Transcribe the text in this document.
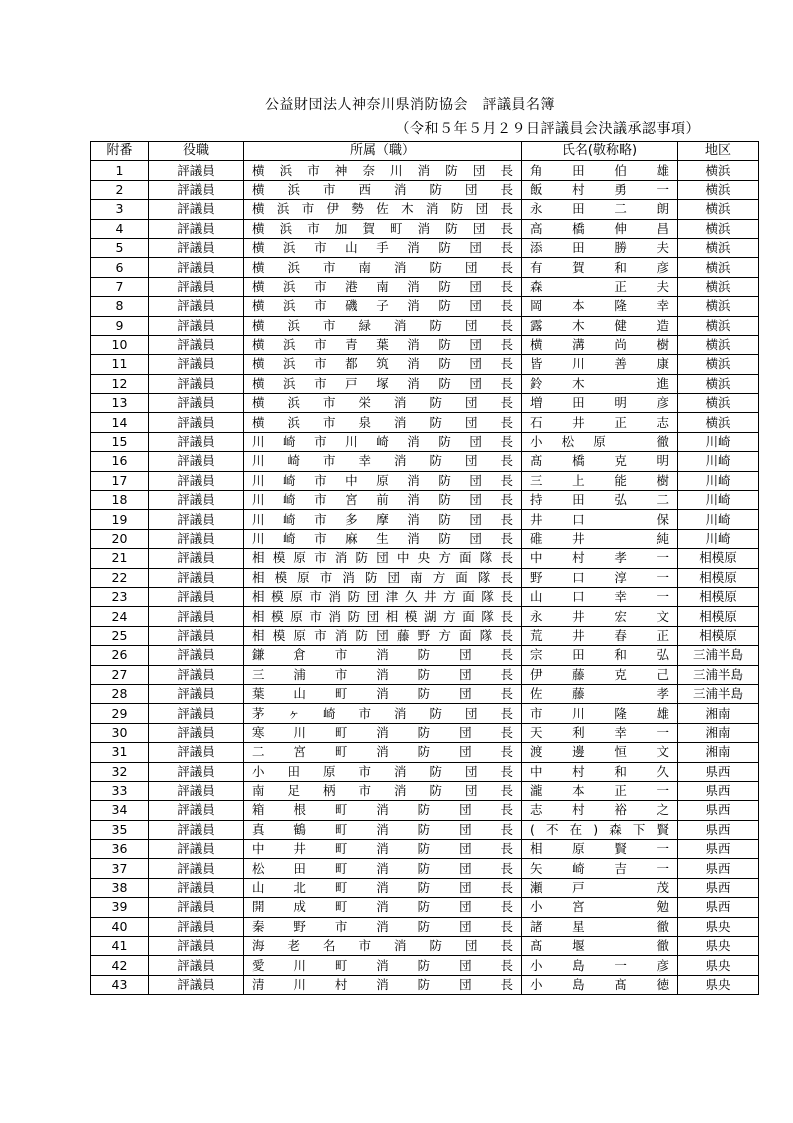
公益財団法人神奈川県消防協会　評議員名簿
（令和５年５月２９日評議員会決議承認事項）
附番	役職	所属（職）	氏名(敬称略)	地区
1	評議員	横浜市神奈川消防団長	角田伯雄	横浜
2	評議員	横浜市西消防団長	飯村勇一	横浜
3	評議員	横浜市伊勢佐木消防団長	永田二朗	横浜
4	評議員	横浜市加賀町消防団長	高橋伸昌	横浜
5	評議員	横浜市山手消防団長	添田勝夫	横浜
6	評議員	横浜市南消防団長	有賀和彦	横浜
7	評議員	横浜市港南消防団長	森　正夫	横浜
8	評議員	横浜市磯子消防団長	岡本隆幸	横浜
9	評議員	横浜市緑消防団長	露木健造	横浜
10	評議員	横浜市青葉消防団長	横溝尚樹	横浜
11	評議員	横浜市都筑消防団長	皆川善康	横浜
12	評議員	横浜市戸塚消防団長	鈴木　進	横浜
13	評議員	横浜市栄消防団長	増田明彦	横浜
14	評議員	横浜市泉消防団長	石井正志	横浜
15	評議員	川崎市川崎消防団長	小松原　徹	川崎
16	評議員	川崎市幸消防団長	髙橋克明	川崎
17	評議員	川崎市中原消防団長	三上能樹	川崎
18	評議員	川崎市宮前消防団長	持田弘二	川崎
19	評議員	川崎市多摩消防団長	井口　保	川崎
20	評議員	川崎市麻生消防団長	碓井　純	川崎
21	評議員	相模原市消防団中央方面隊長	中村孝一	相模原
22	評議員	相模原市消防団南方面隊長	野口淳一	相模原
23	評議員	相模原市消防団津久井方面隊長	山口幸一	相模原
24	評議員	相模原市消防団相模湖方面隊長	永井宏文	相模原
25	評議員	相模原市消防団藤野方面隊長	荒井春正	相模原
26	評議員	鎌倉市消防団長	宗田和弘	三浦半島
27	評議員	三浦市消防団長	伊藤克己	三浦半島
28	評議員	葉山町消防団長	佐藤　孝	三浦半島
29	評議員	茅ヶ崎市消防団長	市川隆雄	湘南
30	評議員	寒川町消防団長	天利幸一	湘南
31	評議員	二宮町消防団長	渡邊恒文	湘南
32	評議員	小田原市消防団長	中村和久	県西
33	評議員	南足柄市消防団長	瀧本正一	県西
34	評議員	箱根町消防団長	志村裕之	県西
35	評議員	真鶴町消防団長	(不在)森下賢	県西
36	評議員	中井町消防団長	相原賢一	県西
37	評議員	松田町消防団長	矢崎吉一	県西
38	評議員	山北町消防団長	瀬戸　茂	県西
39	評議員	開成町消防団長	小宮　勉	県西
40	評議員	秦野市消防団長	諸星　徹	県央
41	評議員	海老名市消防団長	髙堰　徹	県央
42	評議員	愛川町消防団長	小島一彦	県央
43	評議員	清川村消防団長	小島髙徳	県央
